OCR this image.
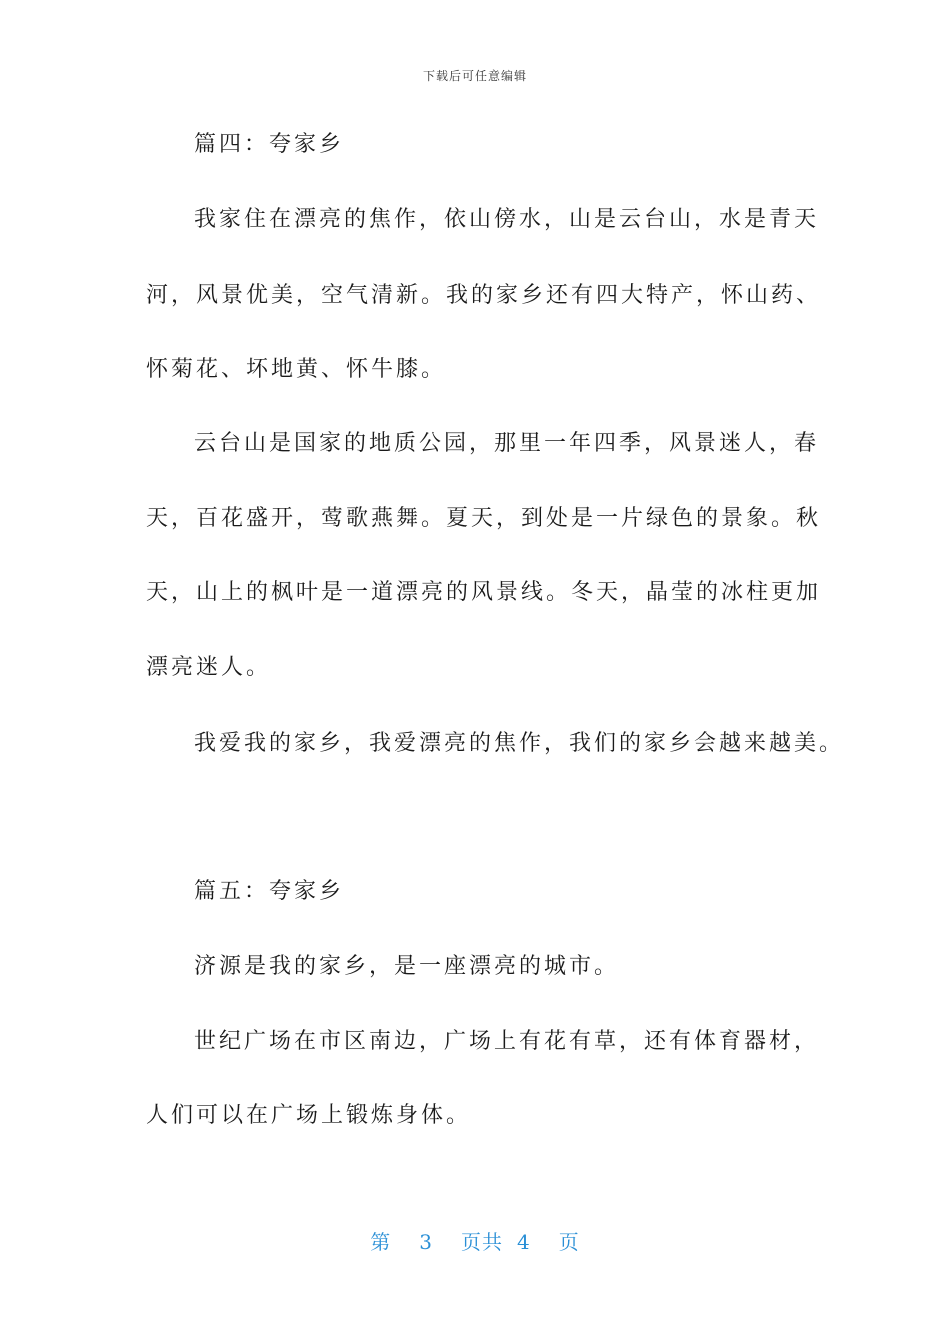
下载后可任意编辑
篇四：夸家乡
我家住在漂亮的焦作，依山傍水，山是云台山，水是青天
河，风景优美，空气清新。我的家乡还有四大特产，怀山药、
怀菊花、坏地黄、怀牛膝。
云台山是国家的地质公园，那里一年四季，风景迷人，春
天，百花盛开，莺歌燕舞。夏天，到处是一片绿色的景象。秋
天，山上的枫叶是一道漂亮的风景线。冬天，晶莹的冰柱更加
漂亮迷人。
我爱我的家乡，我爱漂亮的焦作，我们的家乡会越来越美。
篇五：夸家乡
济源是我的家乡，是一座漂亮的城市。
世纪广场在市区南边，广场上有花有草，还有体育器材，
人们可以在广场上锻炼身体。
第 3 页共 4 页
